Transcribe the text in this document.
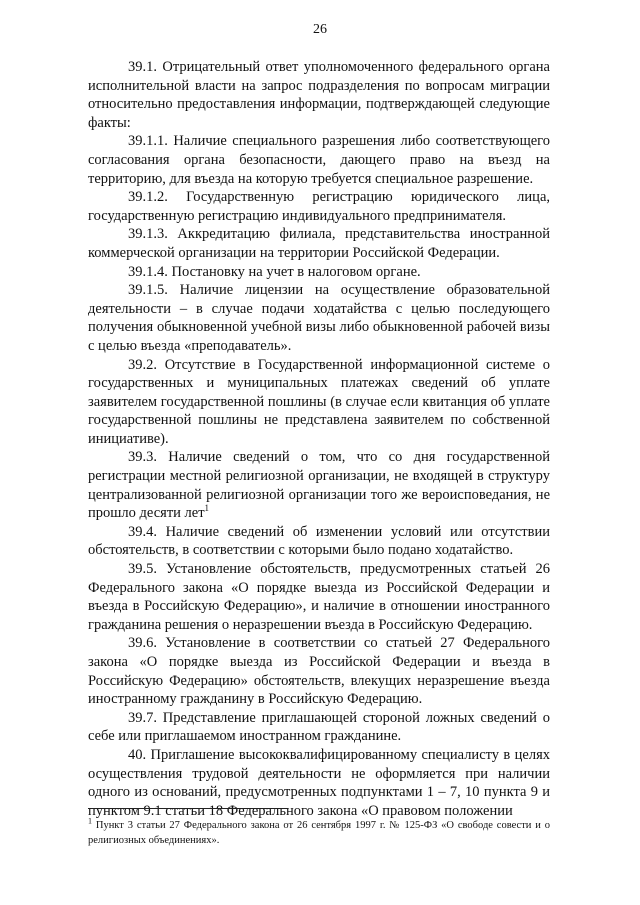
26

39.1. Отрицательный ответ уполномоченного федерального органа исполнительной власти на запрос подразделения по вопросам миграции относительно предоставления информации, подтверждающей следующие факты:

39.1.1. Наличие специального разрешения либо соответствующего согласования органа безопасности, дающего право на въезд на территорию, для въезда на которую требуется специальное разрешение.

39.1.2. Государственную регистрацию юридического лица, государственную регистрацию индивидуального предпринимателя.

39.1.3. Аккредитацию филиала, представительства иностранной коммерческой организации на территории Российской Федерации.

39.1.4. Постановку на учет в налоговом органе.

39.1.5. Наличие лицензии на осуществление образовательной деятельности – в случае подачи ходатайства с целью последующего получения обыкновенной учебной визы либо обыкновенной рабочей визы с целью въезда «преподаватель».

39.2. Отсутствие в Государственной информационной системе о государственных и муниципальных платежах сведений об уплате заявителем государственной пошлины (в случае если квитанция об уплате государственной пошлины не представлена заявителем по собственной инициативе).

39.3. Наличие сведений о том, что со дня государственной регистрации местной религиозной организации, не входящей в структуру централизованной религиозной организации того же вероисповедания, не прошло десяти лет$^1$

39.4. Наличие сведений об изменении условий или отсутствии обстоятельств, в соответствии с которыми было подано ходатайство.

39.5. Установление обстоятельств, предусмотренных статьей 26 Федерального закона «О порядке выезда из Российской Федерации и въезда в Российскую Федерацию», и наличие в отношении иностранного гражданина решения о неразрешении въезда в Российскую Федерацию.

39.6. Установление в соответствии со статьей 27 Федерального закона «О порядке выезда из Российской Федерации и въезда в Российскую Федерацию» обстоятельств, влекущих неразрешение въезда иностранному гражданину в Российскую Федерацию.

39.7. Представление приглашающей стороной ложных сведений о себе или приглашаемом иностранном гражданине.

40. Приглашение высококвалифицированному специалисту в целях осуществления трудовой деятельности не оформляется при наличии одного из оснований, предусмотренных подпунктами 1 – 7, 10 пункта 9 и пунктом 9.1 статьи 18 Федерального закона «О правовом положении

$^1$ Пункт 3 статьи 27 Федерального закона от 26 сентября 1997 г. № 125-ФЗ «О свободе совести и о религиозных объединениях».
